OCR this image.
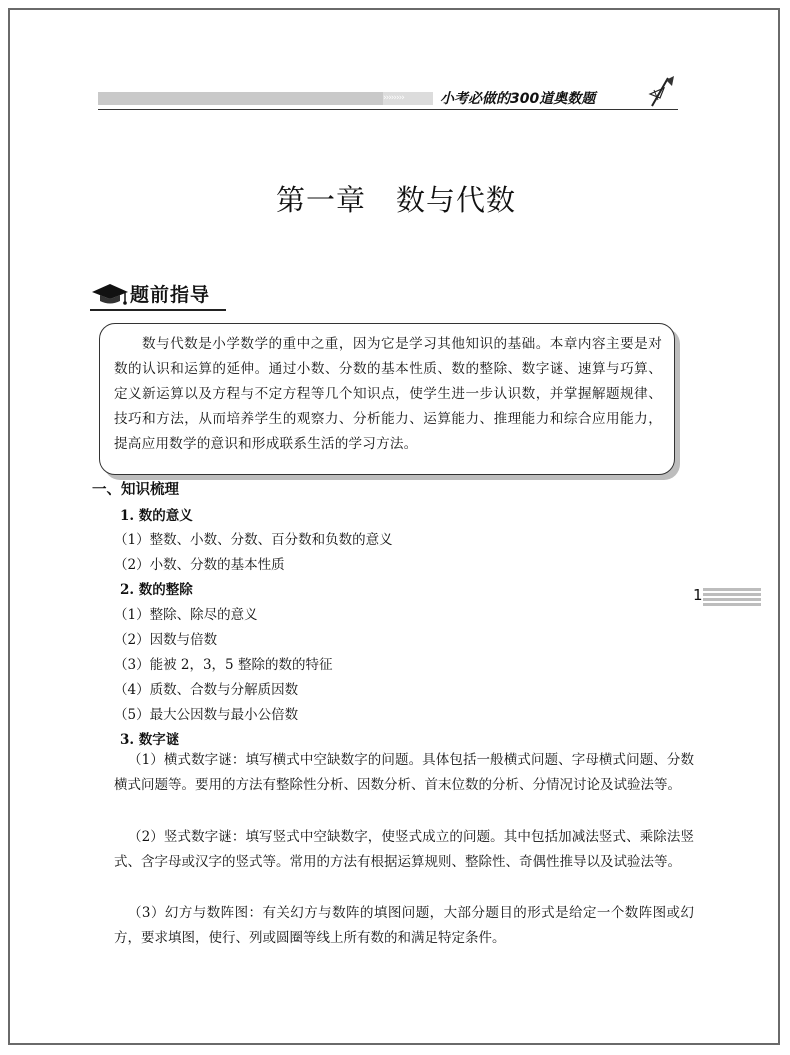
››››››››	小考必做的300道奥数题
第一章　数与代数
题前指导
数与代数是小学数学的重中之重，因为它是学习其他知识的基础。本章内容主要是对数的认识和运算的延伸。通过小数、分数的基本性质、数的整除、数字谜、速算与巧算、定义新运算以及方程与不定方程等几个知识点，使学生进一步认识数，并掌握解题规律、技巧和方法，从而培养学生的观察力、分析能力、运算能力、推理能力和综合应用能力，提高应用数学的意识和形成联系生活的学习方法。
一、知识梳理
1. 数的意义
（1）整数、小数、分数、百分数和负数的意义
（2）小数、分数的基本性质
2. 数的整除
（1）整除、除尽的意义
（2）因数与倍数
（3）能被 2，3，5 整除的数的特征
（4）质数、合数与分解质因数
（5）最大公因数与最小公倍数
3. 数字谜
（1）横式数字谜：填写横式中空缺数字的问题。具体包括一般横式问题、字母横式问题、分数横式问题等。要用的方法有整除性分析、因数分析、首末位数的分析、分情况讨论及试验法等。
（2）竖式数字谜：填写竖式中空缺数字，使竖式成立的问题。其中包括加减法竖式、乘除法竖式、含字母或汉字的竖式等。常用的方法有根据运算规则、整除性、奇偶性推导以及试验法等。
（3）幻方与数阵图：有关幻方与数阵的填图问题，大部分题目的形式是给定一个数阵图或幻方，要求填图，使行、列或圆圈等线上所有数的和满足特定条件。
1
